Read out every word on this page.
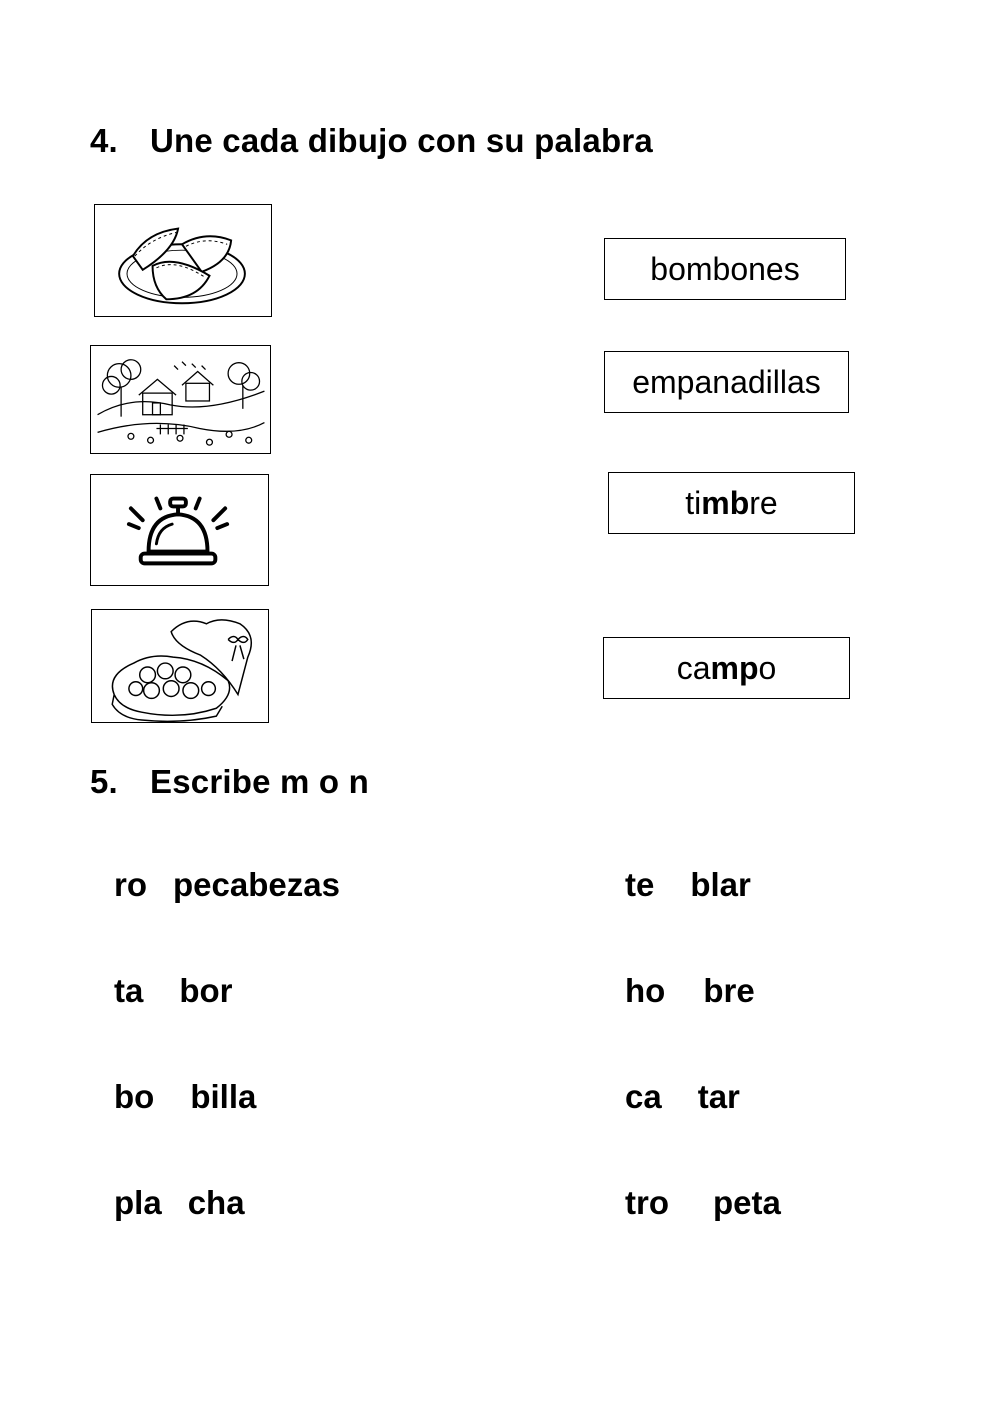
4. Une cada dibujo con su palabra
bombones
empanadillas
ti mb re
ca mp o
5. Escribe m o n
ro pecabezas
ta bor
bo billa
pla cha
te blar
ho bre
ca tar
tro peta
